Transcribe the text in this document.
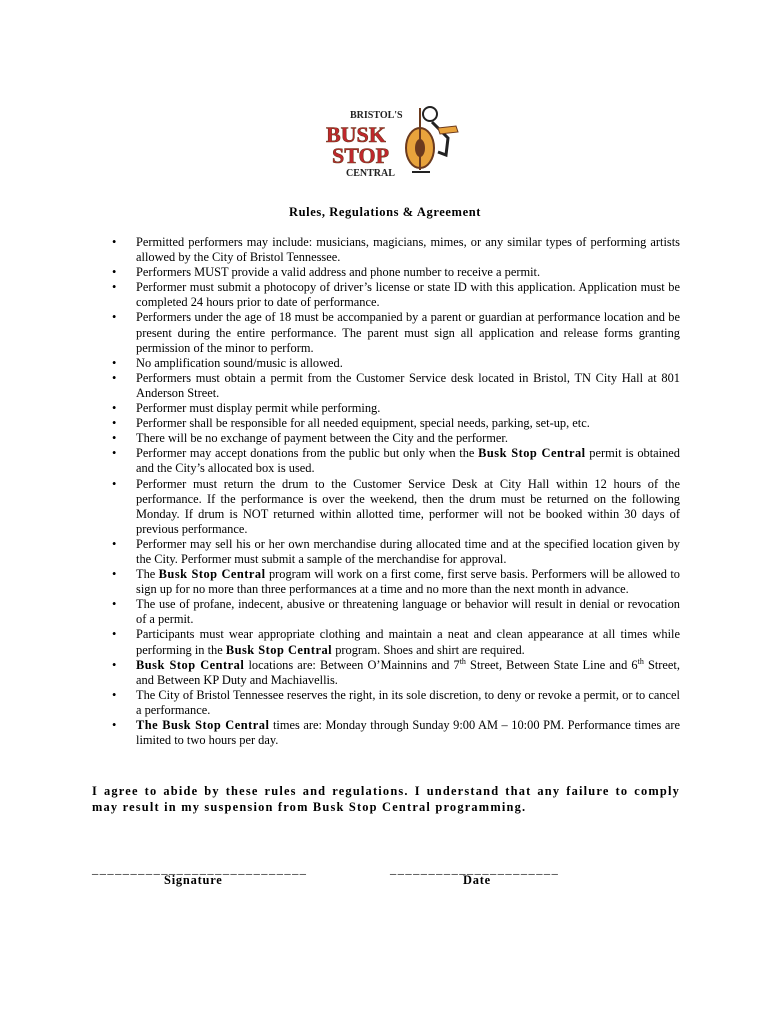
BRISTOL'S
BUSK
STOP
CENTRAL
Rules, Regulations & Agreement
• Permitted performers may include: musicians, magicians, mimes, or any similar types of performing artists allowed by the City of Bristol Tennessee.
• Performers MUST provide a valid address and phone number to receive a permit.
• Performer must submit a photocopy of driver’s license or state ID with this application. Application must be completed 24 hours prior to date of performance.
• Performers under the age of 18 must be accompanied by a parent or guardian at performance location and be present during the entire performance. The parent must sign all application and release forms granting permission of the minor to perform.
• No amplification sound/music is allowed.
• Performers must obtain a permit from the Customer Service desk located in Bristol, TN City Hall at 801 Anderson Street.
• Performer must display permit while performing.
• Performer shall be responsible for all needed equipment, special needs, parking, set-up, etc.
• There will be no exchange of payment between the City and the performer.
• Performer may accept donations from the public but only when the Busk Stop Central permit is obtained and the City’s allocated box is used.
• Performer must return the drum to the Customer Service Desk at City Hall within 12 hours of the performance. If the performance is over the weekend, then the drum must be returned on the following Monday. If drum is NOT returned within allotted time, performer will not be booked within 30 days of previous performance.
• Performer may sell his or her own merchandise during allocated time and at the specified location given by the City. Performer must submit a sample of the merchandise for approval.
• The Busk Stop Central program will work on a first come, first serve basis. Performers will be allowed to sign up for no more than three performances at a time and no more than the next month in advance.
• The use of profane, indecent, abusive or threatening language or behavior will result in denial or revocation of a permit.
• Participants must wear appropriate clothing and maintain a neat and clean appearance at all times while performing in the Busk Stop Central program. Shoes and shirt are required.
• Busk Stop Central locations are: Between O’Mainnins and 7th Street, Between State Line and 6th Street, and Between KP Duty and Machiavellis.
• The City of Bristol Tennessee reserves the right, in its sole discretion, to deny or revoke a permit, or to cancel a performance.
• The Busk Stop Central times are: Monday through Sunday 9:00 AM – 10:00 PM. Performance times are limited to two hours per day.
I agree to abide by these rules and regulations. I understand that any failure to comply may result in my suspension from Busk Stop Central programming.
____________________________
Signature
______________________
Date
